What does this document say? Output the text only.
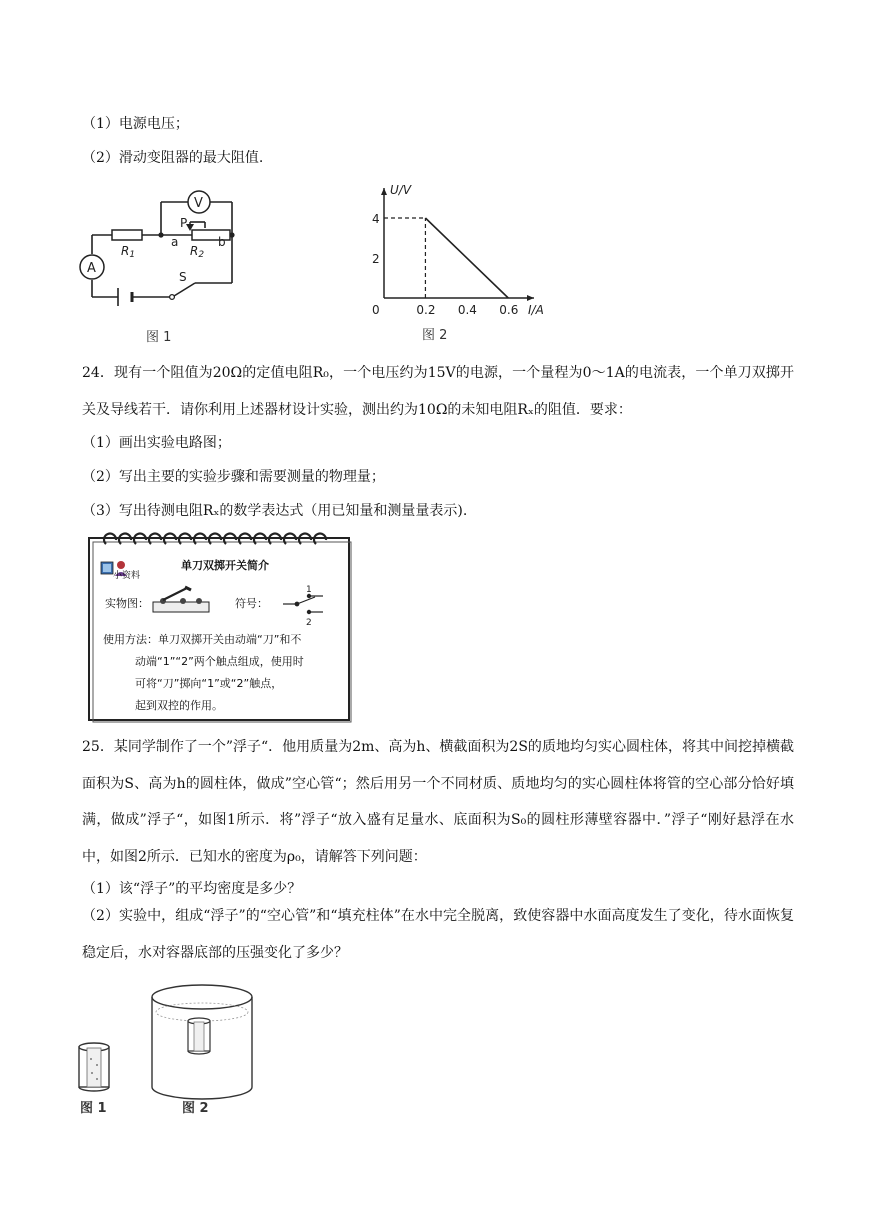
（1）电源电压；
（2）滑动变阻器的最大阻值.
V
A
P
a	b
R1	R2
S
图 1
4
2
0.2 0.4 0.6
0
U/V
I/A
图 2
24．现有一个阻值为20Ω的定值电阻R₀，一个电压约为15V的电源，一个量程为0～1A的电流表，一个单刀双掷开关及导线若干．请你利用上述器材设计实验，测出约为10Ω的未知电阻Rₓ的阻值．要求：
（1）画出实验电路图；
（2）写出主要的实验步骤和需要测量的物理量；
（3）写出待测电阻Rₓ的数学表达式（用已知量和测量量表示).
1
2
单刀双掷开关简介
小资料
实物图：	符号：
使用方法：单刀双掷开关由动端“刀”和不
动端“1”“2”两个触点组成，使用时
可将“刀”掷向“1”或“2”触点，
起到双控的作用。
25．某同学制作了一个”浮子“．他用质量为2m、高为h、横截面积为2S的质地均匀实心圆柱体，将其中间挖掉横截面积为S、高为h的圆柱体，做成”空心管“；然后用另一个不同材质、质地均匀的实心圆柱体将管的空心部分恰好填满，做成”浮子“，如图1所示．将”浮子“放入盛有足量水、底面积为S₀的圆柱形薄壁容器中．”浮子“刚好悬浮在水中，如图2所示．已知水的密度为ρ₀，请解答下列问题：
（1）该“浮子”的平均密度是多少？
（2）实验中，组成“浮子”的“空心管”和“填充柱体”在水中完全脱离，致使容器中水面高度发生了变化，待水面恢复稳定后，水对容器底部的压强变化了多少？
图 1	图 2
